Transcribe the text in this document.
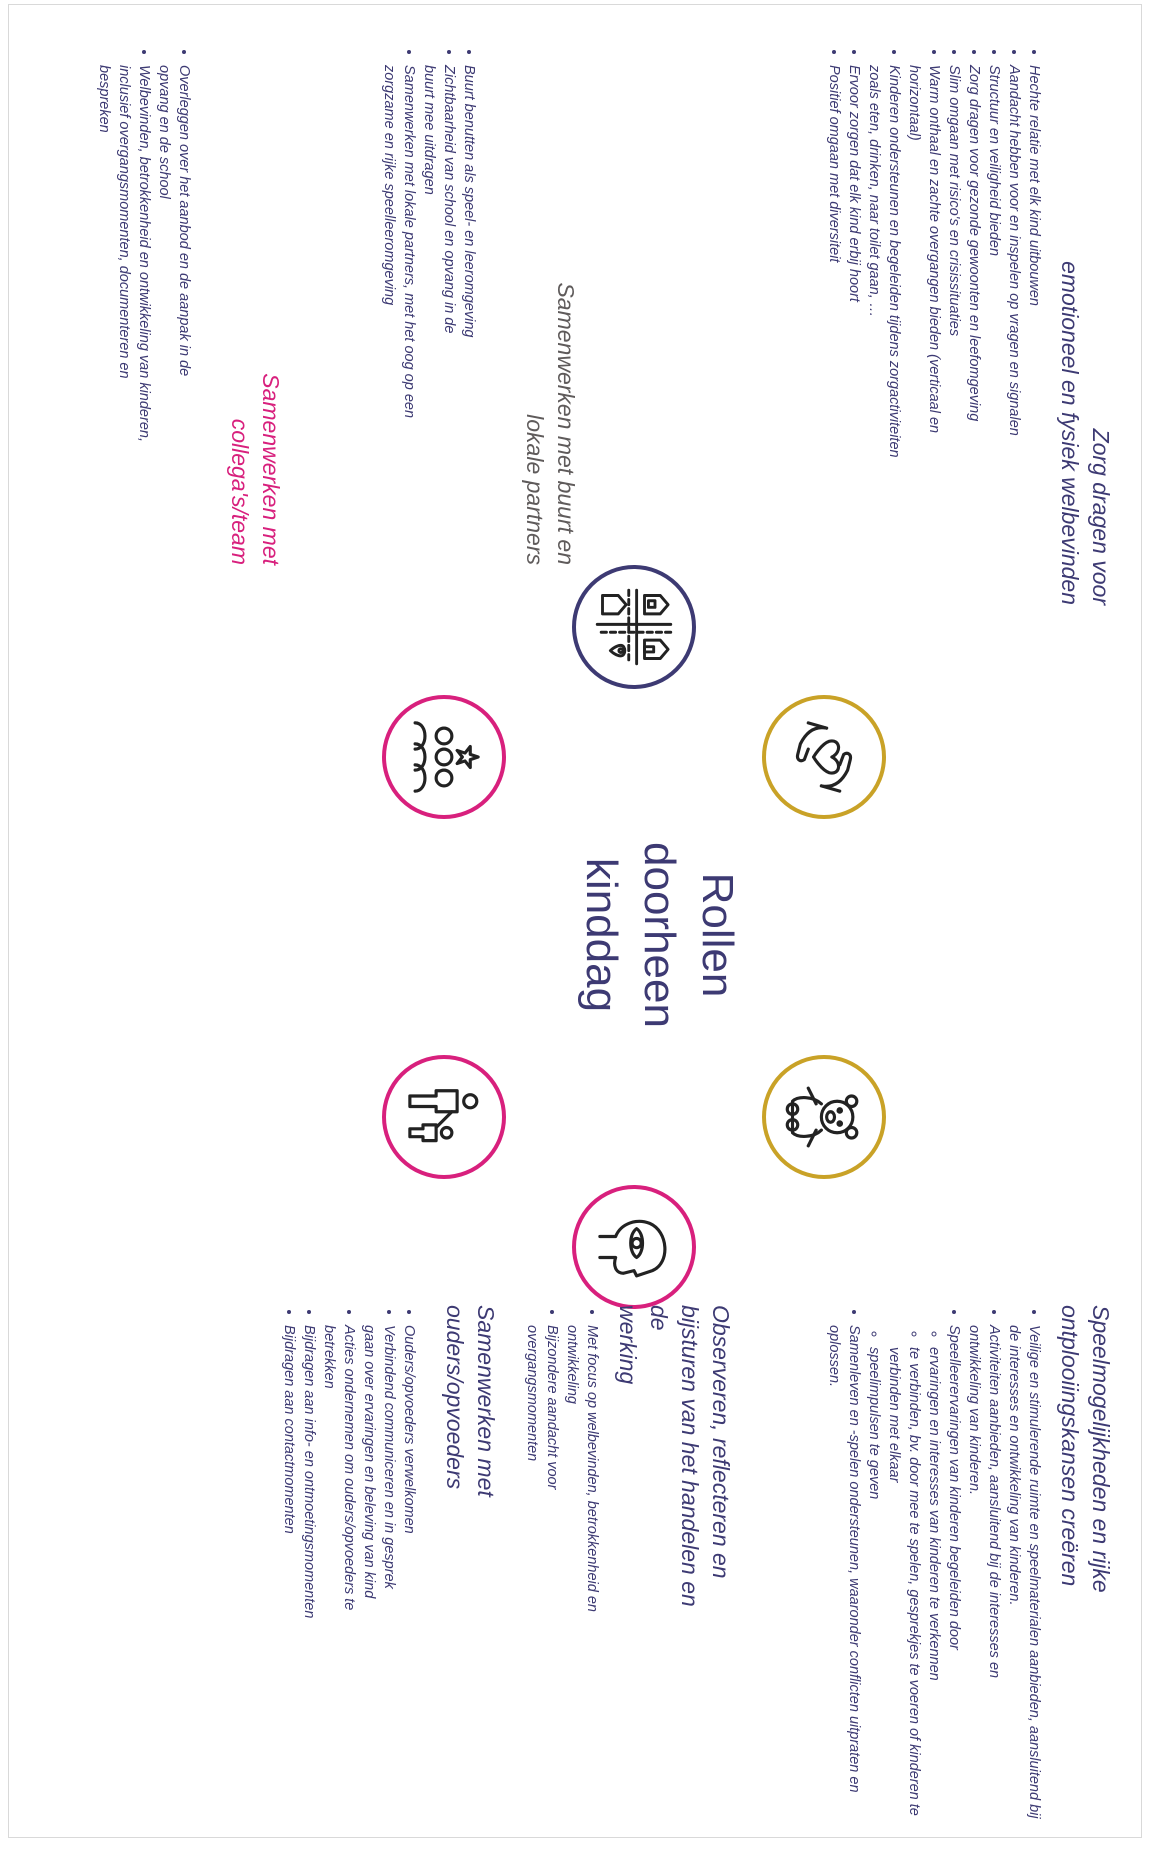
Zorg dragen voor
emotioneel en fysiek welbevinden
• Hechte relatie met elk kind uitbouwen
• Aandacht hebben voor en inspelen op vragen en signalen
• Structuur en veiligheid bieden
• Zorg dragen voor gezonde gewoonten en leefomgeving
• Slim omgaan met risico's en crisissituaties
• Warm onthaal en zachte overgangen bieden (verticaal en horizontaal)
• Kinderen ondersteunen en begeleiden tijdens zorgactiviteiten zoals eten, drinken, naar toilet gaan, …
• Ervoor zorgen dat elk kind erbij hoort
• Positief omgaan met diversiteit
Samenwerken met buurt en
lokale partners
• Buurt benutten als speel- en leeromgeving
• Zichtbaarheid van school en opvang in de buurt mee uitdragen
• Samenwerken met lokale partners, met het oog op een zorgzame en rijke speelleeromgeving
Samenwerken met
collega's/team
• Overleggen over het aanbod en de aanpak in de opvang en de school
• Welbevinden, betrokkenheid en ontwikkeling van kinderen, inclusief overgangsmomenten, documenteren en bespreken
Rollen
doorheen
kinddag
Speelmogelijkheden en rijke
ontplooiingskansen creëren
• Veilige en stimulerende ruimte en speelmaterialen aanbieden, aansluitend bij de interesses en ontwikkeling van kinderen.
• Activiteiten aanbieden, aansluitend bij de interesses en ontwikkeling van kinderen.
• Speelleerervaringen van kinderen begeleiden door
◦ ervaringen en interesses van kinderen te verkennen
◦ te verbinden, bv. door mee te spelen, gesprekjes te voeren of kinderen te verbinden met elkaar
◦ speelimpulsen te geven
• Samenleven en -spelen ondersteunen, waaronder conflicten uitpraten en oplossen.
Observeren, reflecteren en
bijsturen van het handelen en de
werking
• Met focus op welbevinden, betrokkenheid en ontwikkeling
• Bijzondere aandacht voor overgangsmomenten
Samenwerken met
ouders/opvoeders
• Ouders/opvoeders verwelkomen
• Verbindend communiceren en in gesprek gaan over ervaringen en beleving van kind
• Acties ondernemen om ouders/opvoeders te betrekken
• Bijdragen aan info- en ontmoetingsmomenten
• Bijdragen aan contactmomenten
